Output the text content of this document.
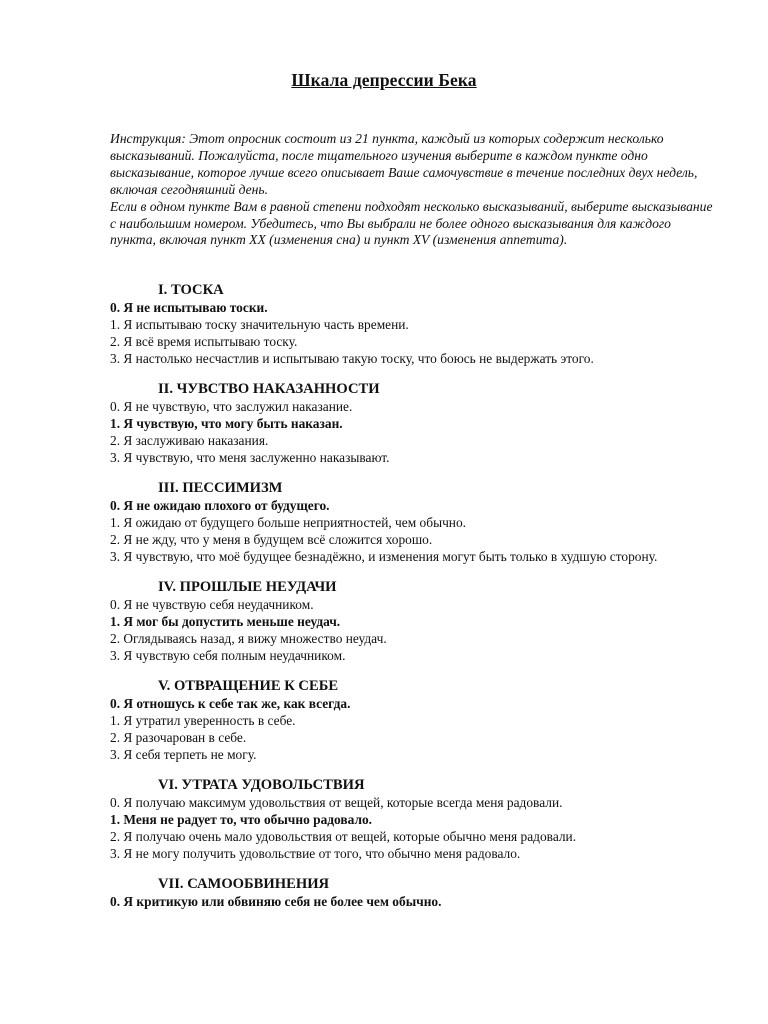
Шкала депрессии Бека

Инструкция: Этот опросник состоит из 21 пункта, каждый из которых содержит несколько высказываний. Пожалуйста, после тщательного изучения выберите в каждом пункте одно высказывание, которое лучше всего описывает Ваше самочувствие в течение последних двух недель, включая сегодняшний день.

Если в одном пункте Вам в равной степени подходят несколько высказываний, выберите высказывание с наибольшим номером. Убедитесь, что Вы выбрали не более одного высказывания для каждого пункта, включая пункт XX (изменения сна) и пункт XV (изменения аппетита).

I. ТОСКА
0. Я не испытываю тоски.
1. Я испытываю тоску значительную часть времени.
2. Я всё время испытываю тоску.
3. Я настолько несчастлив и испытываю такую тоску, что боюсь не выдержать этого.
II. ЧУВСТВО НАКАЗАННОСТИ
0. Я не чувствую, что заслужил наказание.
1. Я чувствую, что могу быть наказан.
2. Я заслуживаю наказания.
3. Я чувствую, что меня заслуженно наказывают.
III. ПЕССИМИЗМ
0. Я не ожидаю плохого от будущего.
1. Я ожидаю от будущего больше неприятностей, чем обычно.
2. Я не жду, что у меня в будущем всё сложится хорошо.
3. Я чувствую, что моё будущее безнадёжно, и изменения могут быть только в худшую сторону.
IV. ПРОШЛЫЕ НЕУДАЧИ
0. Я не чувствую себя неудачником.
1. Я мог бы допустить меньше неудач.
2. Оглядываясь назад, я вижу множество неудач.
3. Я чувствую себя полным неудачником.
V. ОТВРАЩЕНИЕ К СЕБЕ
0. Я отношусь к себе так же, как всегда.
1. Я утратил уверенность в себе.
2. Я разочарован в себе.
3. Я себя терпеть не могу.
VI. УТРАТА УДОВОЛЬСТВИЯ
0. Я получаю максимум удовольствия от вещей, которые всегда меня радовали.
1. Меня не радует то, что обычно радовало.
2. Я получаю очень мало удовольствия от вещей, которые обычно меня радовали.
3. Я не могу получить удовольствие от того, что обычно меня радовало.
VII. САМООБВИНЕНИЯ
0. Я критикую или обвиняю себя не более чем обычно.
